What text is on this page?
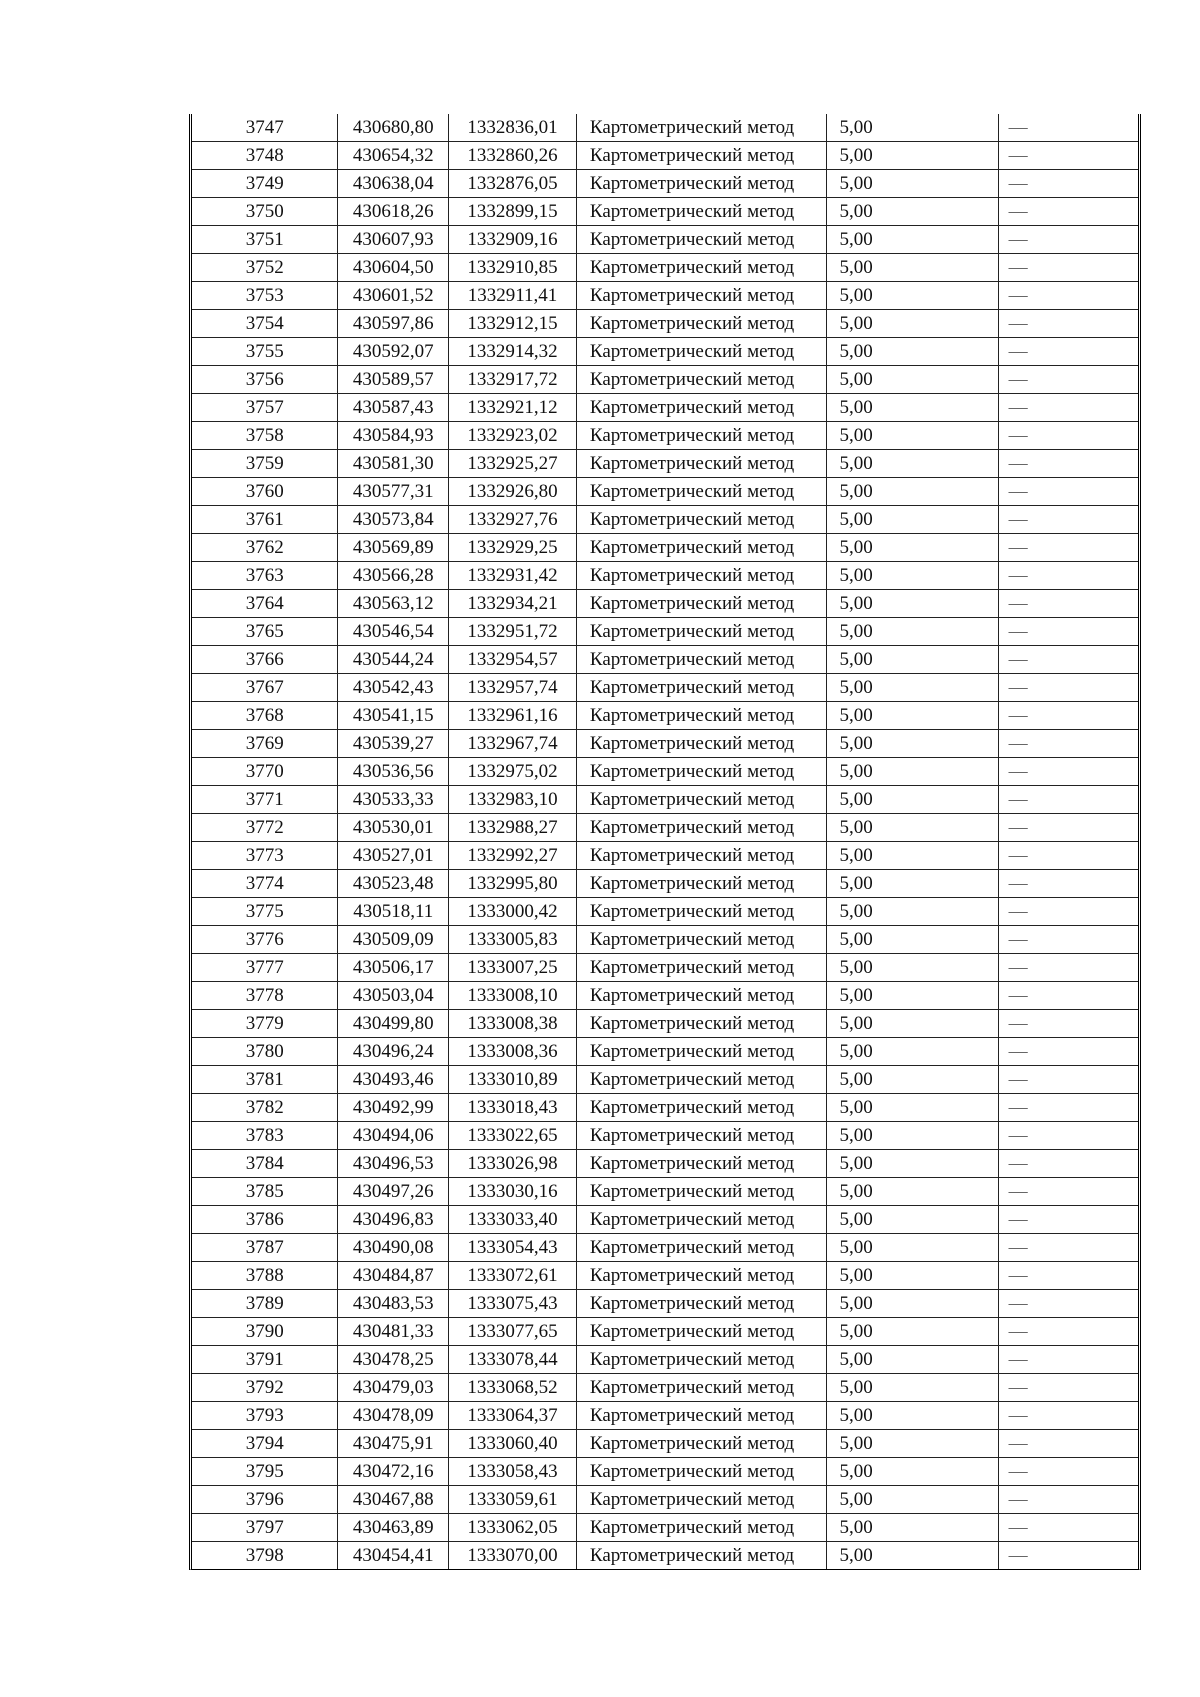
3747	430680,80	1332836,01	Картометрический метод	5,00	—
3748	430654,32	1332860,26	Картометрический метод	5,00	—
3749	430638,04	1332876,05	Картометрический метод	5,00	—
3750	430618,26	1332899,15	Картометрический метод	5,00	—
3751	430607,93	1332909,16	Картометрический метод	5,00	—
3752	430604,50	1332910,85	Картометрический метод	5,00	—
3753	430601,52	1332911,41	Картометрический метод	5,00	—
3754	430597,86	1332912,15	Картометрический метод	5,00	—
3755	430592,07	1332914,32	Картометрический метод	5,00	—
3756	430589,57	1332917,72	Картометрический метод	5,00	—
3757	430587,43	1332921,12	Картометрический метод	5,00	—
3758	430584,93	1332923,02	Картометрический метод	5,00	—
3759	430581,30	1332925,27	Картометрический метод	5,00	—
3760	430577,31	1332926,80	Картометрический метод	5,00	—
3761	430573,84	1332927,76	Картометрический метод	5,00	—
3762	430569,89	1332929,25	Картометрический метод	5,00	—
3763	430566,28	1332931,42	Картометрический метод	5,00	—
3764	430563,12	1332934,21	Картометрический метод	5,00	—
3765	430546,54	1332951,72	Картометрический метод	5,00	—
3766	430544,24	1332954,57	Картометрический метод	5,00	—
3767	430542,43	1332957,74	Картометрический метод	5,00	—
3768	430541,15	1332961,16	Картометрический метод	5,00	—
3769	430539,27	1332967,74	Картометрический метод	5,00	—
3770	430536,56	1332975,02	Картометрический метод	5,00	—
3771	430533,33	1332983,10	Картометрический метод	5,00	—
3772	430530,01	1332988,27	Картометрический метод	5,00	—
3773	430527,01	1332992,27	Картометрический метод	5,00	—
3774	430523,48	1332995,80	Картометрический метод	5,00	—
3775	430518,11	1333000,42	Картометрический метод	5,00	—
3776	430509,09	1333005,83	Картометрический метод	5,00	—
3777	430506,17	1333007,25	Картометрический метод	5,00	—
3778	430503,04	1333008,10	Картометрический метод	5,00	—
3779	430499,80	1333008,38	Картометрический метод	5,00	—
3780	430496,24	1333008,36	Картометрический метод	5,00	—
3781	430493,46	1333010,89	Картометрический метод	5,00	—
3782	430492,99	1333018,43	Картометрический метод	5,00	—
3783	430494,06	1333022,65	Картометрический метод	5,00	—
3784	430496,53	1333026,98	Картометрический метод	5,00	—
3785	430497,26	1333030,16	Картометрический метод	5,00	—
3786	430496,83	1333033,40	Картометрический метод	5,00	—
3787	430490,08	1333054,43	Картометрический метод	5,00	—
3788	430484,87	1333072,61	Картометрический метод	5,00	—
3789	430483,53	1333075,43	Картометрический метод	5,00	—
3790	430481,33	1333077,65	Картометрический метод	5,00	—
3791	430478,25	1333078,44	Картометрический метод	5,00	—
3792	430479,03	1333068,52	Картометрический метод	5,00	—
3793	430478,09	1333064,37	Картометрический метод	5,00	—
3794	430475,91	1333060,40	Картометрический метод	5,00	—
3795	430472,16	1333058,43	Картометрический метод	5,00	—
3796	430467,88	1333059,61	Картометрический метод	5,00	—
3797	430463,89	1333062,05	Картометрический метод	5,00	—
3798	430454,41	1333070,00	Картометрический метод	5,00	—
